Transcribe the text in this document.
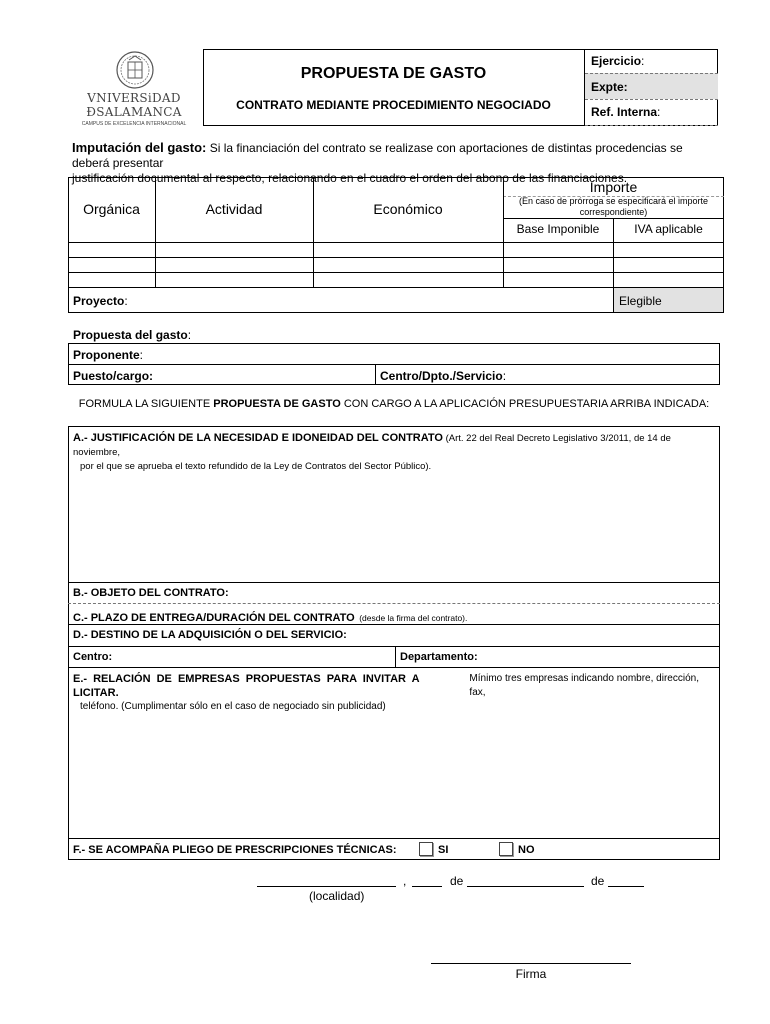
VNIVERSiDAD
ÐSALAMANCA
CAMPUS DE EXCELENCIA INTERNACIONAL
PROPUESTA DE GASTO
CONTRATO MEDIANTE PROCEDIMIENTO NEGOCIADO
Ejercicio:
Expte:
Ref. Interna:
Imputación del gasto: Si la financiación del contrato se realizase con aportaciones de distintas procedencias se deberá presentar
justificación documental al respecto, relacionando en el cuadro el orden del abono de las financiaciones.
Orgánica	Actividad	Económico
Importe
(En caso de prórroga se especificará el importe
correspondiente)
Base Imponible	IVA aplicable
Proyecto:	Elegible
Propuesta del gasto:
Proponente:
Puesto/cargo:	Centro/Dpto./Servicio:
FORMULA LA SIGUIENTE PROPUESTA DE GASTO CON CARGO A LA APLICACIÓN PRESUPUESTARIA ARRIBA INDICADA:
A.- JUSTIFICACIÓN DE LA NECESIDAD E IDONEIDAD DEL CONTRATO (Art. 22 del Real Decreto Legislativo 3/2011, de 14 de noviembre,
por el que se aprueba el texto refundido de la Ley de Contratos del Sector Público).
B.- OBJETO DEL CONTRATO:
C.- PLAZO DE ENTREGA/DURACIÓN DEL CONTRATO (desde la firma del contrato).
D.- DESTINO DE LA ADQUISICIÓN O DEL SERVICIO:
Centro:	Departamento:
E.- RELACIÓN DE EMPRESAS PROPUESTAS PARA INVITAR A LICITAR.
Mínimo tres empresas indicando nombre, dirección, fax,
teléfono. (Cumplimentar sólo en el caso de negociado sin publicidad)
F.- SE ACOMPAÑA PLIEGO DE PRESCRIPCIONES TÉCNICAS:	SI	NO
,	de	de
(localidad)
Firma
